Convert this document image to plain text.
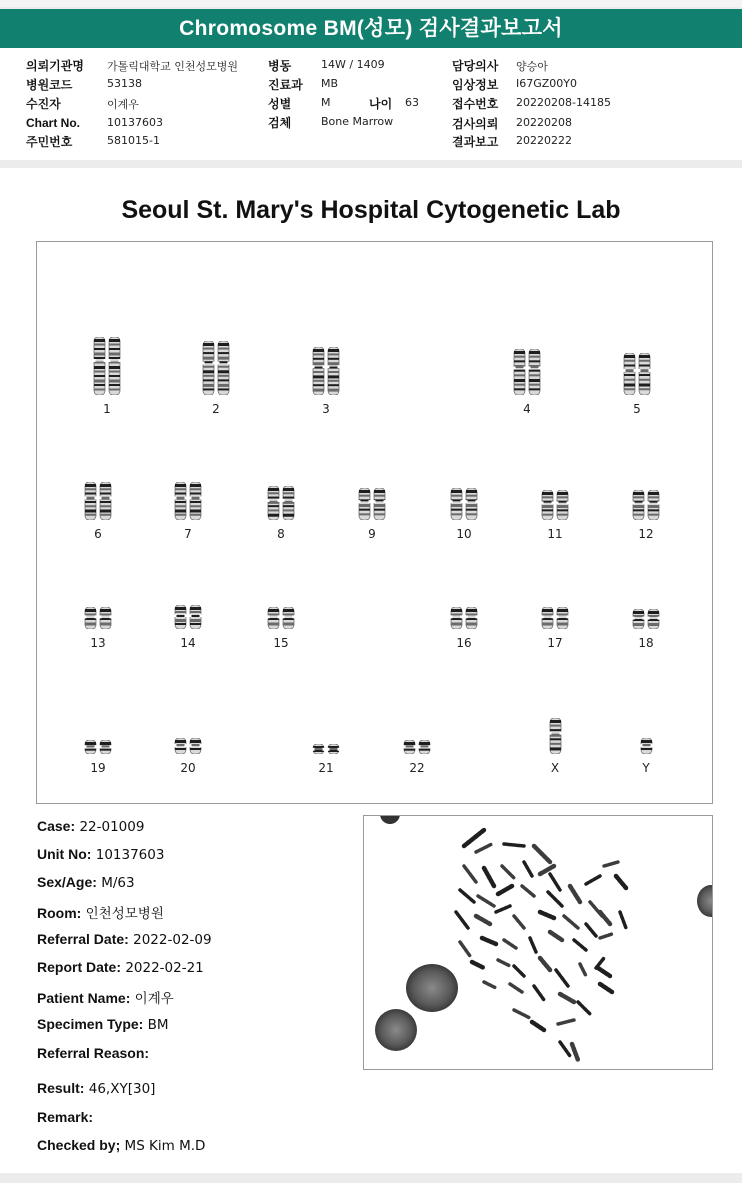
Chromosome BM(성모) 검사결과보고서
의뢰기관명 가톨릭대학교 인천성모병원
병원코드	53138
수진자	이계우
Chart No. 10137603
주민번호	581015-1
병동	14W / 1409
진료과 MB
성별	M	나이 63
검체	Bone Marrow
담당의사 양승아
임상정보 I67GZ00Y0
접수번호 20220208-14185
검사의뢰 20220208
결과보고 20220222
Seoul St. Mary's Hospital Cytogenetic Lab
1	2	3	4	5
6	7	8	9	10	11	12
13	14	15	16	17	18
19	20	21	22	X	Y
Case: 22-01009
Unit No: 10137603
Sex/Age: M/63
Room: 인천성모병원
Referral Date: 2022-02-09
Report Date: 2022-02-21
Patient Name: 이계우
Specimen Type: BM
Referral Reason:
Result: 46,XY[30]
Remark:
Checked by; MS Kim M.D
